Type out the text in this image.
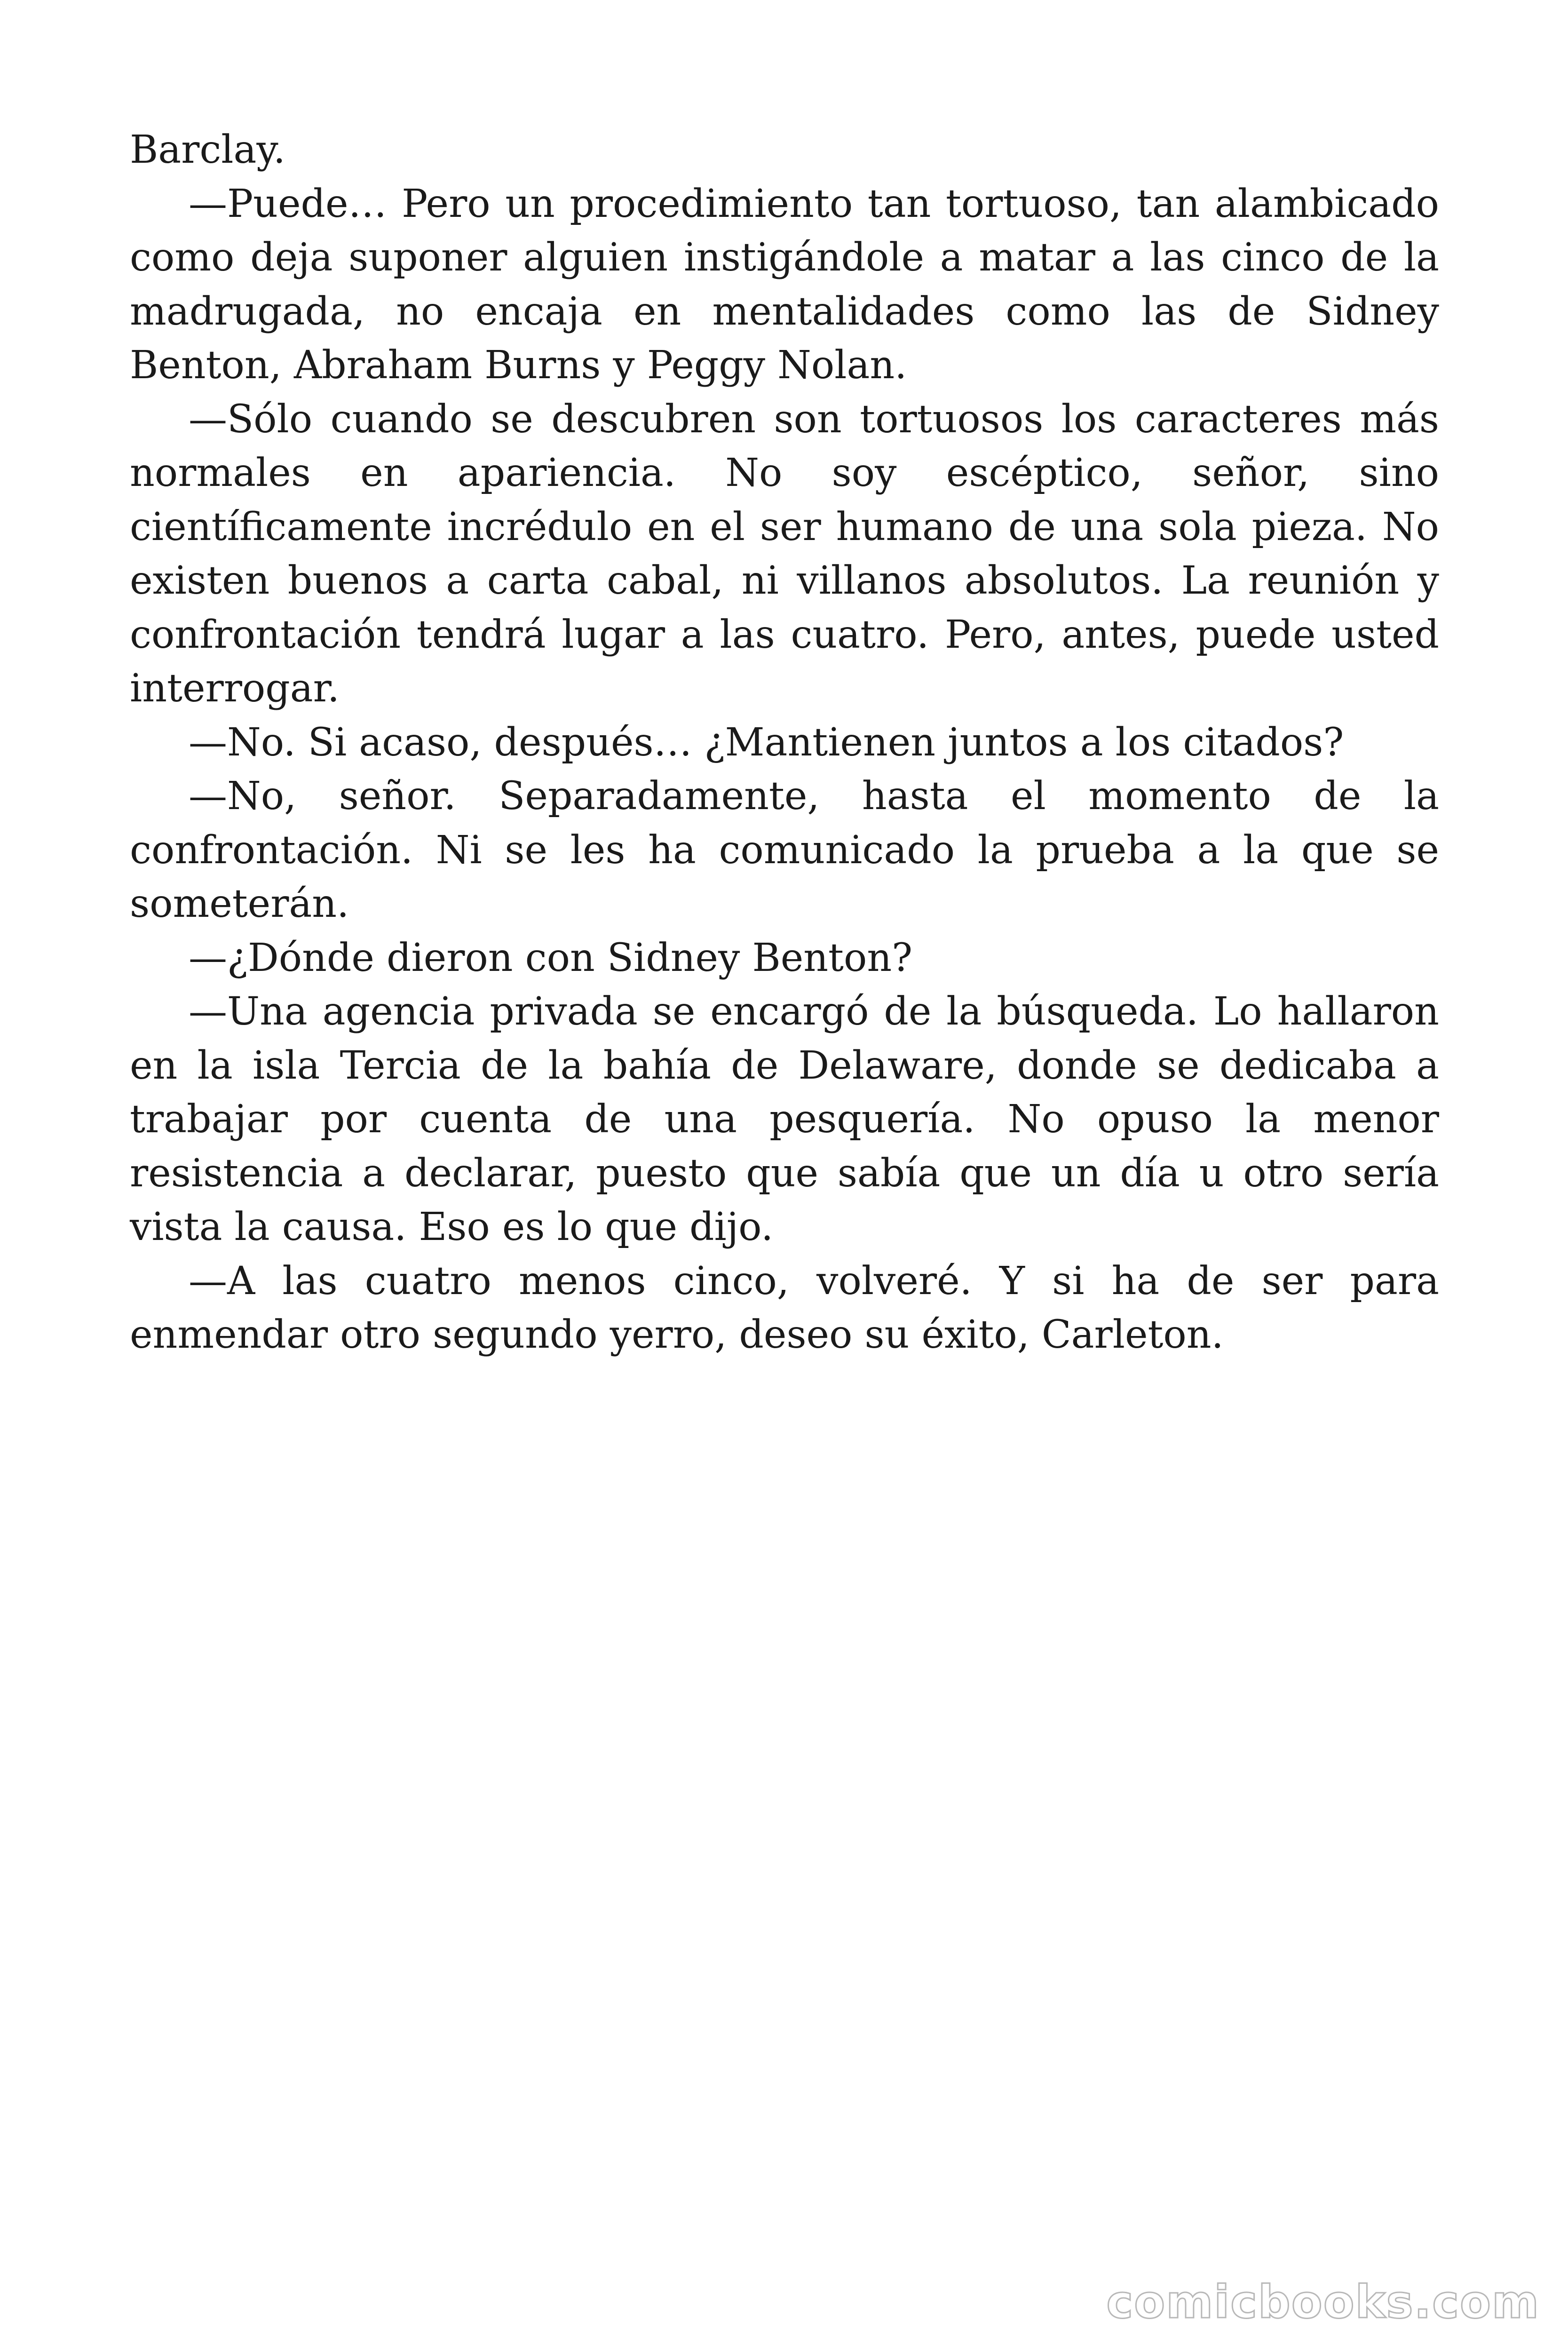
Barclay.

—Puede… Pero un procedimiento tan tortuoso, tan alambicado como deja suponer alguien instigándole a matar a las cinco de la madrugada, no encaja en mentalidades como las de Sidney Benton, Abraham Burns y Peggy Nolan.

—Sólo cuando se descubren son tortuosos los caracteres más normales en apariencia. No soy escéptico, señor, sino científicamente incrédulo en el ser humano de una sola pieza. No existen buenos a carta cabal, ni villanos absolutos. La reunión y confrontación tendrá lugar a las cuatro. Pero, antes, puede usted interrogar.

—No. Si acaso, después… ¿Mantienen juntos a los citados?

—No, señor. Separadamente, hasta el momento de la confrontación. Ni se les ha comunicado la prueba a la que se someterán.

—¿Dónde dieron con Sidney Benton?

—Una agencia privada se encargó de la búsqueda. Lo hallaron en la isla Tercia de la bahía de Delaware, donde se dedicaba a trabajar por cuenta de una pesquería. No opuso la menor resistencia a declarar, puesto que sabía que un día u otro sería vista la causa. Eso es lo que dijo.

—A las cuatro menos cinco, volveré. Y si ha de ser para enmendar otro segundo yerro, deseo su éxito, Carleton.

comicbooks.com
